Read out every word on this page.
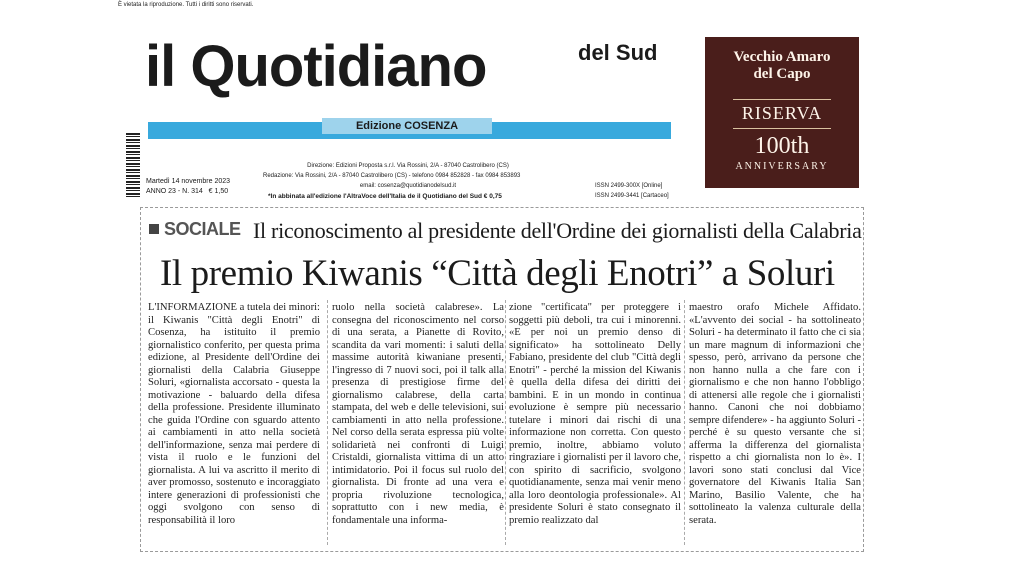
È vietata la riproduzione. Tutti i diritti sono riservati.
il Quotidiano	del Sud
Edizione COSENZA
Vecchio Amaro
del Capo
RISERVA
100th
ANNIVERSARY
Martedì 14 novembre 2023
ANNO 23 - N. 314 € 1,50
Direzione: Edizioni Proposta s.r.l. Via Rossini, 2/A - 87040 Castrolibero (CS)
Redazione: Via Rossini, 2/A - 87040 Castrolibero (CS) - telefono 0984 852828 - fax 0984 853893
email: cosenza@quotidianodelsud.it	ISSN 2499-300X [Online]
ISSN 2499-3441 [Cartaceo]
*In abbinata all'edizione l'AltraVoce dell'Italia de il Quotidiano del Sud € 0,75
SOCIALE Il riconoscimento al presidente dell'Ordine dei giornalisti della Calabria
Il premio Kiwanis “Città degli Enotri” a Soluri
L'INFORMAZIONE a tutela dei minori: il Kiwanis "Città degli Enotri" di Cosenza, ha istituito il premio giornalistico conferito, per questa prima edizione, al Presidente dell'Ordine dei giornalisti della Calabria Giuseppe Soluri, «giornalista accorsato - questa la motivazione - baluardo della difesa della professione. Presidente illuminato che guida l'Ordine con sguardo attento ai cambiamenti in atto nella società dell'informazione, senza mai perdere di vista il ruolo e le funzioni del giornalista. A lui va ascritto il merito di aver promosso, sostenuto e incoraggiato intere generazioni di professionisti che oggi svolgono con senso di responsabilità il loro
ruolo nella società calabrese». La consegna del riconoscimento nel corso di una serata, a Pianette di Rovito, scandita da vari momenti: i saluti della massime autorità kiwaniane presenti, l'ingresso di 7 nuovi soci, poi il talk alla presenza di prestigiose firme del giornalismo calabrese, della carta stampata, del web e delle televisioni, sui cambiamenti in atto nella professione. Nel corso della serata espressa più volte solidarietà nei confronti di Luigi Cristaldi, giornalista vittima di un atto intimidatorio. Poi il focus sul ruolo del giornalista. Di fronte ad una vera e propria rivoluzione tecnologica, soprattutto con i new media, è fondamentale una informa-
zione "certificata" per proteggere i soggetti più deboli, tra cui i minorenni. «E per noi un premio denso di significato» ha sottolineato Delly Fabiano, presidente del club "Città degli Enotri" - perché la mission del Kiwanis è quella della difesa dei diritti dei bambini. E in un mondo in continua evoluzione è sempre più necessario tutelare i minori dai rischi di una informazione non corretta. Con questo premio, inoltre, abbiamo voluto ringraziare i giornalisti per il lavoro che, con spirito di sacrificio, svolgono quotidianamente, senza mai venir meno alla loro deontologia professionale». Al presidente Soluri è stato consegnato il premio realizzato dal
maestro orafo Michele Affidato. «L'avvento dei social - ha sottolineato Soluri - ha determinato il fatto che ci sia un mare magnum di informazioni che spesso, però, arrivano da persone che non hanno nulla a che fare con i giornalismo e che non hanno l'obbligo di attenersi alle regole che i giornalisti hanno. Canoni che noi dobbiamo sempre difendere» - ha aggiunto Soluri - perché è su questo versante che si afferma la differenza del giornalista rispetto a chi giornalista non lo è». I lavori sono stati conclusi dal Vice governatore del Kiwanis Italia San Marino, Basilio Valente, che ha sottolineato la valenza culturale della serata.
